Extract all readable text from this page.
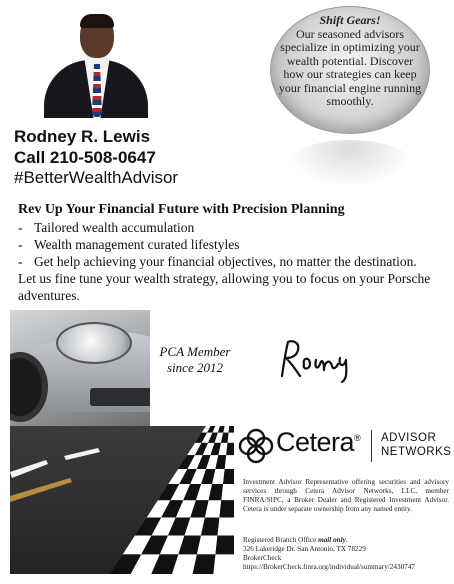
Rodney R. Lewis
Call 210-508-0647
#BetterWealthAdvisor
Shift Gears!
Our seasoned advisors specialize in optimizing your wealth potential. Discover how our strategies can keep your financial engine running smoothly.
Rev Up Your Financial Future with Precision Planning
- Tailored wealth accumulation
- Wealth management curated lifestyles
- Get help achieving your financial objectives, no matter the destination.
Let us fine tune your wealth strategy, allowing you to focus on your Porsche adventures.
PCA Member
since 2012
Cetera® ADVISOR
NETWORKS
Investment Advisor Representative offering securities and advisory services through Cetera Advisor Networks, LLC, member FINRA/SIPC, a Broker Dealer and Registered Investment Advisor. Cetera is under separate ownership from any named entity.
Registered Branch Office mail only.
326 Lakeridge Dr. San Antonio, TX 78229
BrokerCheck
https://BrokerCheck.finra.org/individual/summary/2430747
